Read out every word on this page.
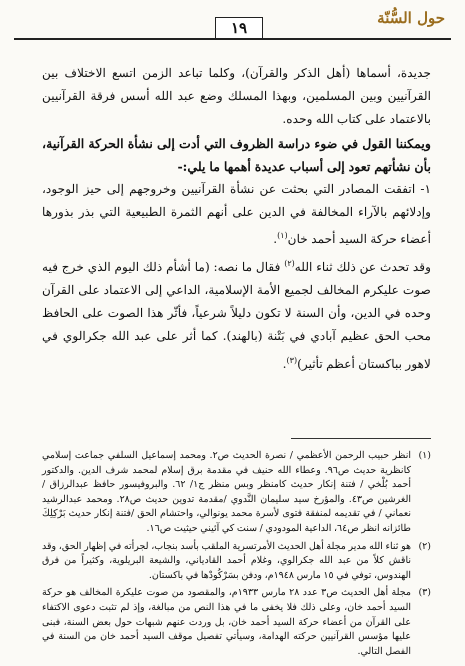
حول السُّنّة
١٩

جديدة، أسماها (أهل الذكر والقرآن)، وكلما تباعد الزمن اتسع الاختلاف بين القرآنيين وبين المسلمين، وبهذا المسلك وضع عبد الله أسس فرقة القرآنيين بالاعتماد على كتاب الله وحده.

ويمكننا القول في ضوء دراسة الظروف التي أدت إلى نشأة الحركة القرآنية، بأن نشأتهم تعود إلى أسباب عديدة أهمها ما يلي:-

١- اتفقت المصادر التي بحثت عن نشأة القرآنيين وخروجهم إلى حيز الوجود، وإدلائهم بالآراء المخالفة في الدين على أنهم الثمرة الطبيعية التي بذر بذورها أعضاء حركة السيد أحمد خان$^{(١)}$.

وقد تحدث عن ذلك ثناء الله$^{(٢)}$ فقال ما نصه: (ما أشأم ذلك اليوم الذي خرج فيه صوت عليكرم المخالف لجميع الأمة الإسلامية، الداعي إلى الاعتماد على القرآن وحده في الدين، وأن السنة لا تكون دليلاً شرعياً، فأثّر هذا الصوت على الحافظ محب الحق عظيم آبادي في بَتْنة (بالهند). كما أثر على عبد الله جكرالوي في لاهور بباكستان أعظم تأثير)$^{(٣)}$.

(١)
انظر حبيب الرحمن الأعظمي / نصرة الحديث ص٢. ومحمد إسماعيل السلفي جماعت إسلامي كانظرية حديث ص٩٦. وعطاء الله حنيف في مقدمة برق إسلام لمحمد شرف الدين. والدكتور أحمد بُلْخي / فتنة إنكار حديث كامنظر وبس منظر ج١/ ٦٢. والبروفيسور حافظ عبدالرزاق / الغرشين ص٤٣. والمؤرخ سيد سليمان النَّدوي /مقدمة تدوين حديث ص٢٨. ومحمد عبدالرشيد نعماني / في تقديمه لمنفقة فتوى لأسرة محمد يونوالي، واحتشام الحق /فتنة إنكار حديث بَرْكِلِكَ طائزانه انظر ص٦٤، الداعية المودودي / سنت كي آئيني حيثيت ص١٦.
(٢)
هو ثناء الله مدير مجلة أهل الحديث الأمرتسرية الملقب بأسد بنجاب، لجرأته في إظهار الحق، وقد ناقش كلاً من عبد الله جكرالوي، وغلام أحمد القادياني، والشيعة البريلوية، وكثيراً من فرق الهندوس، توفي في ١٥ مارس ١٩٤٨م، ودفن بسَرْكُودْها في باكستان.
(٣)
مجلة أهل الحديث ص٣ عدد ٢٨ مارس ١٩٣٣م، والمقصود من صوت عليكرة المخالف هو حركة السيد أحمد خان، وعلى ذلك فلا يخفى ما في هذا النص من مبالغة، وإذ لم تثبت دعوى الاكتفاء على القرآن من أعضاء حركة السيد أحمد خان، بل وردت عنهم شبهات حول بعض السنة، فبنى عليها مؤسس القرآنيين حركته الهدامة، وسيأتي تفصيل موقف السيد أحمد خان من السنة في الفصل التالي.
